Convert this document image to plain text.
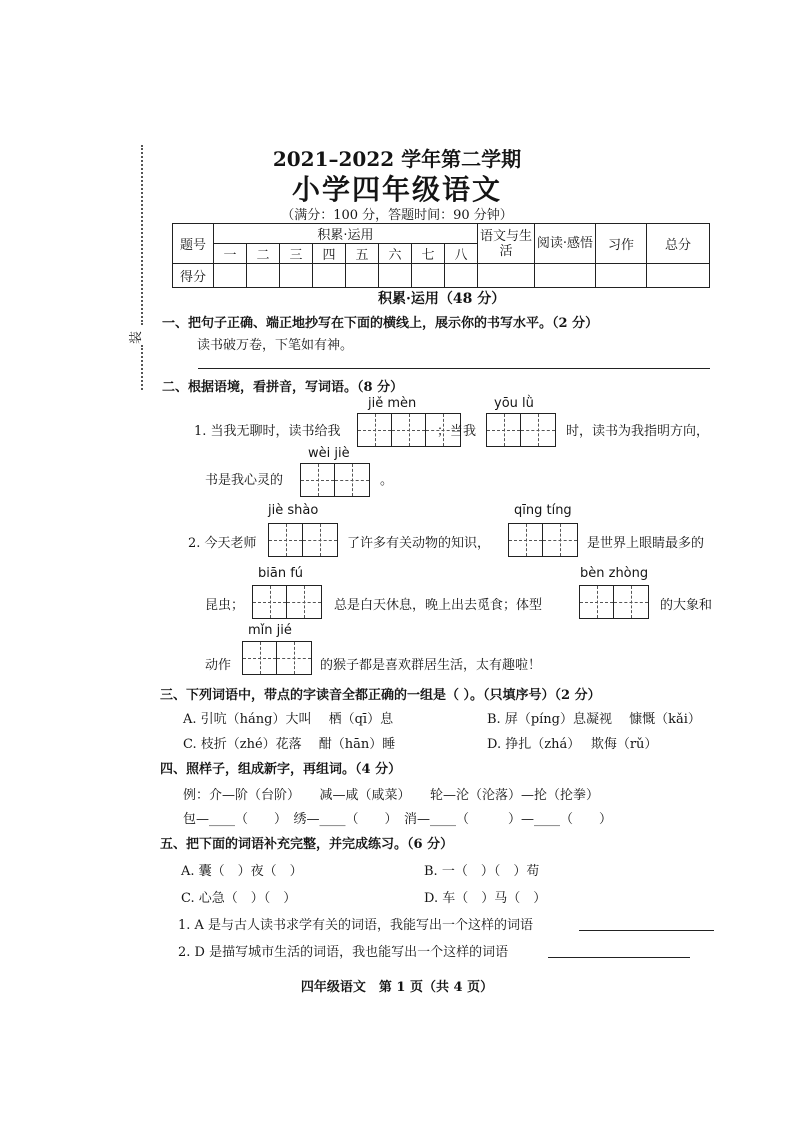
装
2021–2022 学年第二学期
小学四年级语文
（满分：100 分，答题时间：90 分钟）
题号	积累·运用								语文与生活	阅读·感悟	习作	总分
	一	二	三	四	五	六	七	八				
得分												
积累·运用（48 分）
一、把句子正确、端正地抄写在下面的横线上，展示你的书写水平。（2 分）
读书破万卷，下笔如有神。
二、根据语境，看拼音，写词语。（8 分）
jiě mèn	yōu lǜ
1. 当我无聊时，读书给我	；当我	时，读书为我指明方向，
wèi jiè
书是我心灵的	。
jiè shào	qīng tíng
2. 今天老师	了许多有关动物的知识，	是世界上眼睛最多的
biān fú	bèn zhòng
昆虫；	总是白天休息，晚上出去觅食；体型	的大象和
mǐn jié
动作	的猴子都是喜欢群居生活，太有趣啦！
三、下列词语中，带点的字读音全都正确的一组是（ ）。（只填序号）（2 分）
A. 引吭（háng）大叫　 栖（qī）息	B. 屏（píng）息凝视　 慷慨（kǎi）
C. 枝折（zhé）花落　 酣（hān）睡	D. 挣扎（zhá）　 欺侮（rǔ）
四、照样子，组成新字，再组词。（4 分）
例：介—阶（台阶）　　减—咸（咸菜）　　轮—沦（沦落）—抡（抡拳）
包—____（　　）　绣—____（　　）　消—____（　　　）—____（　　）
五、把下面的词语补充完整，并完成练习。（6 分）
A. 囊（　）夜（　）	B. 一（　）（　）苟
C. 心急（　）（　）	D. 车（　）马（　）
1. A 是与古人读书求学有关的词语，我能写出一个这样的词语
2. D 是描写城市生活的词语，我也能写出一个这样的词语
四年级语文　第 1 页（共 4 页）
